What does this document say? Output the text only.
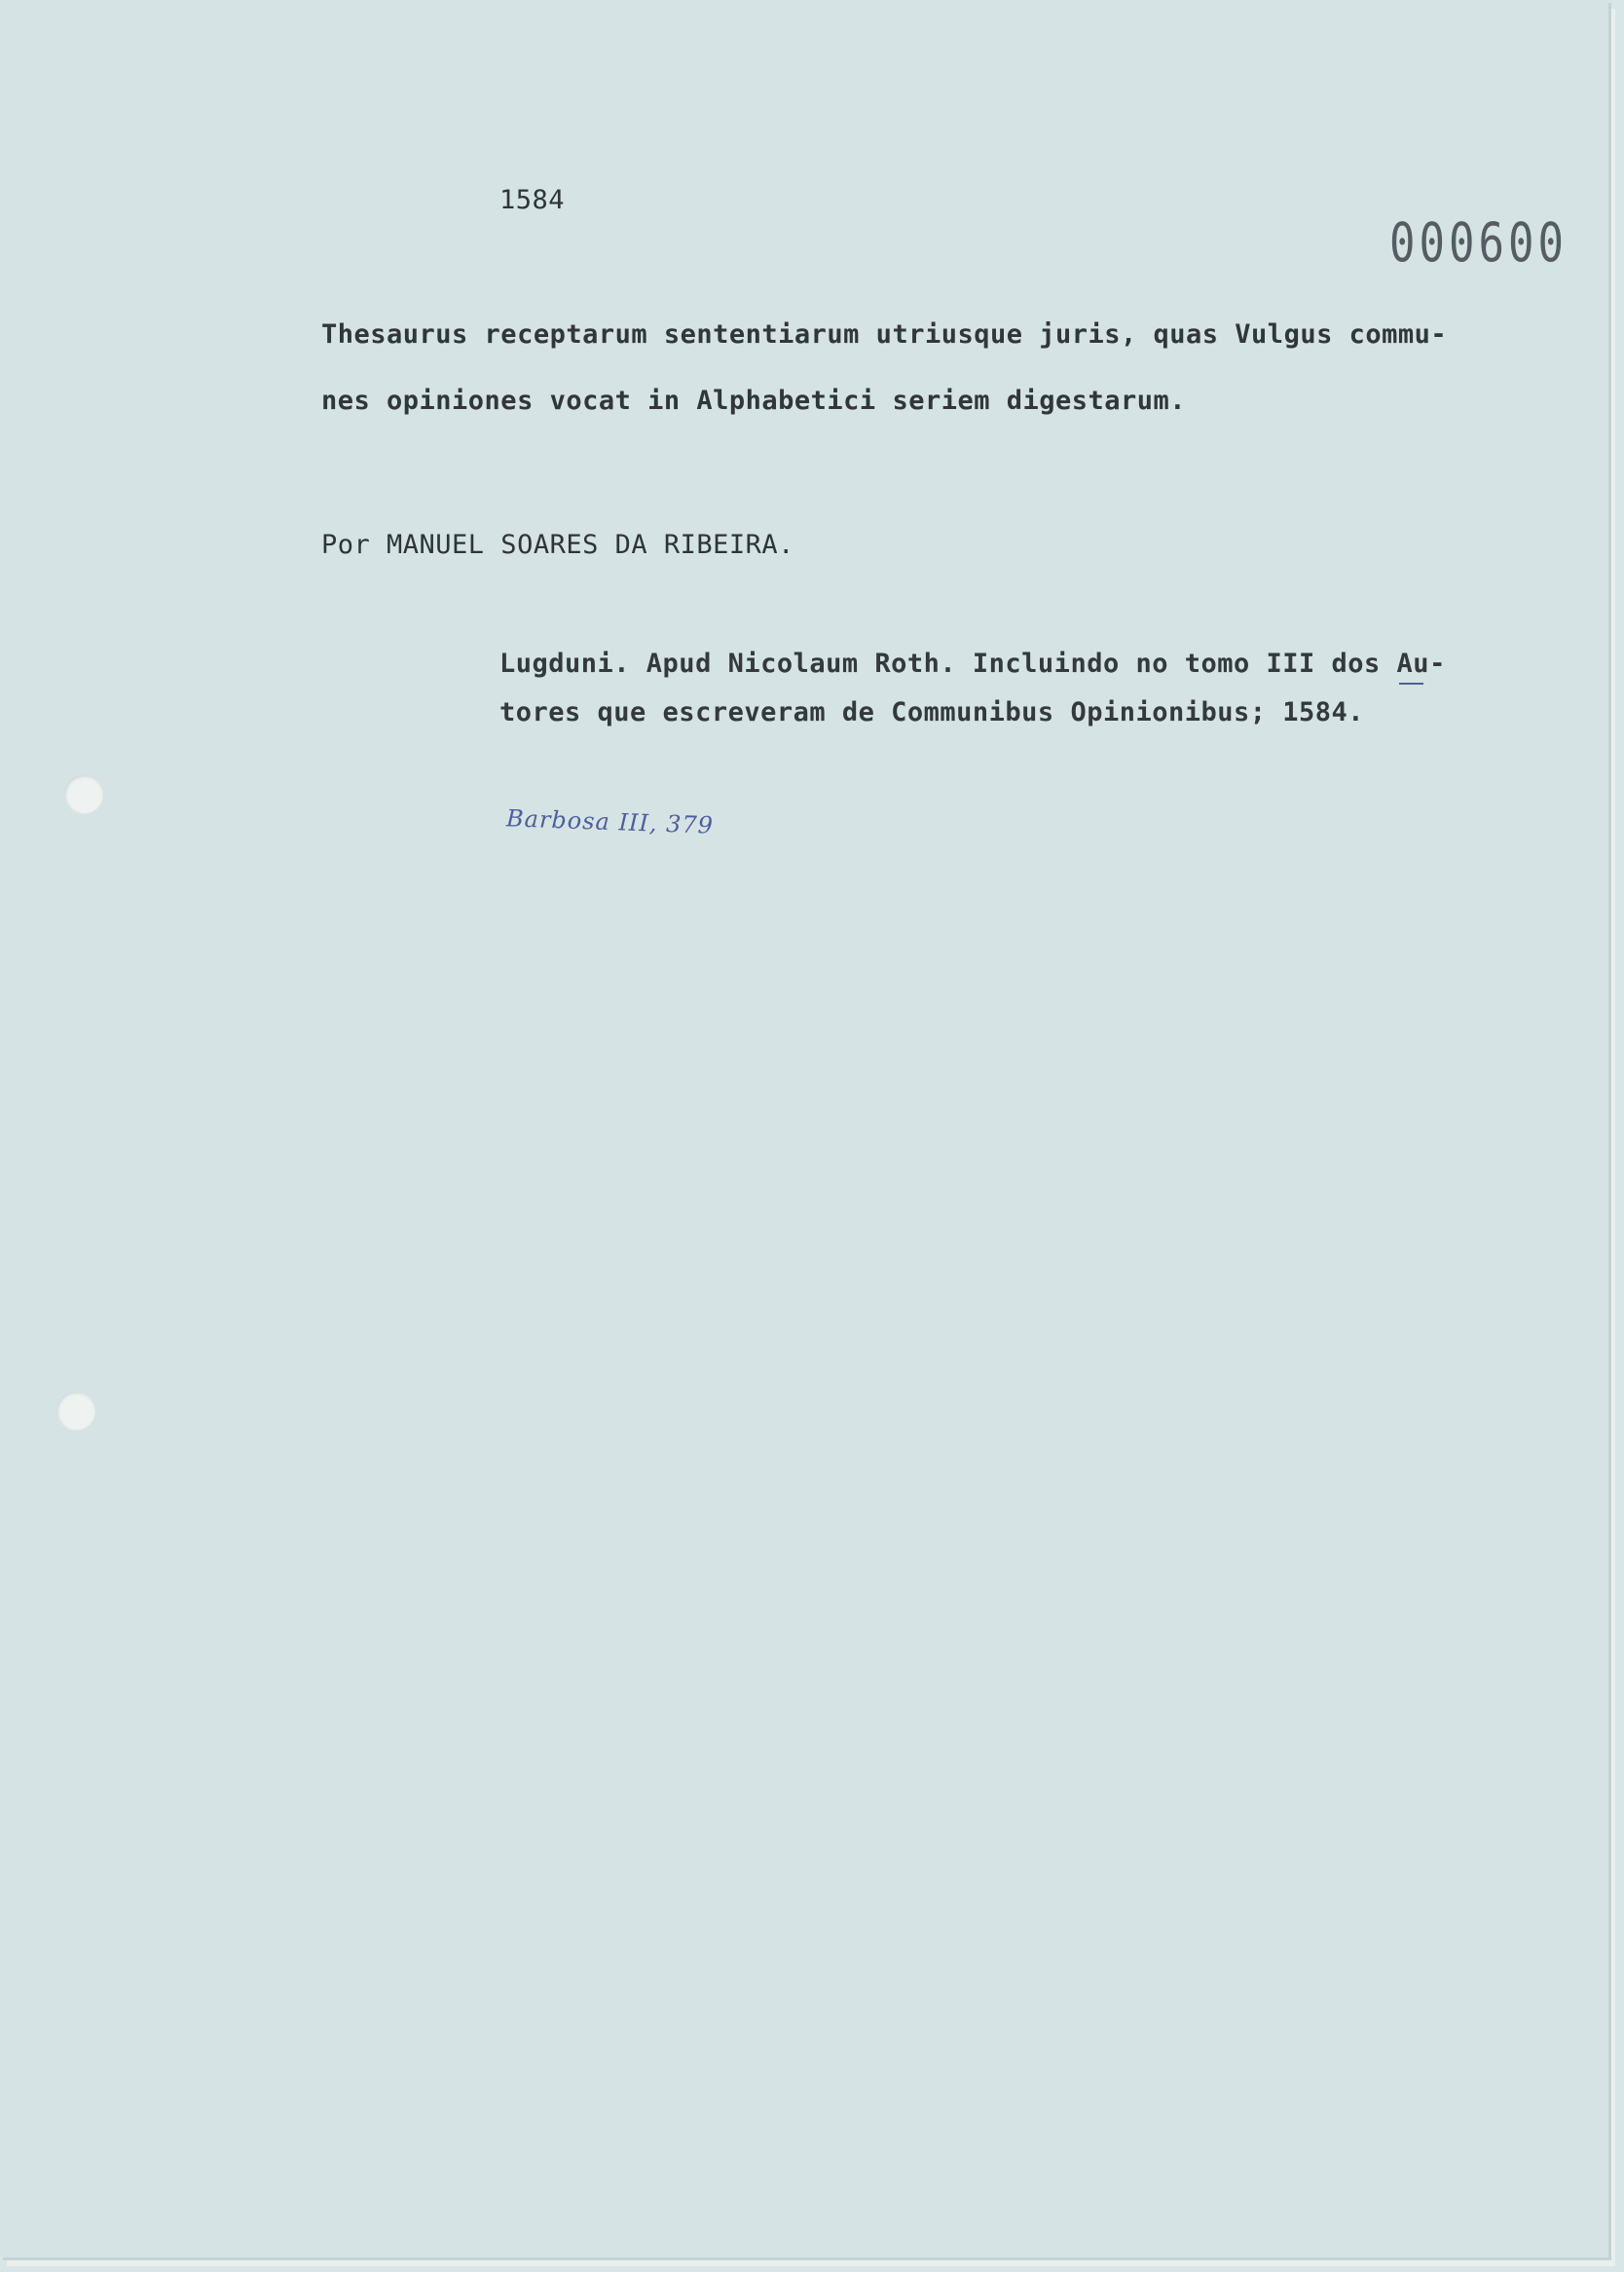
1584
000600
Thesaurus receptarum sententiarum utriusque juris, quas Vulgus commu-
nes opiniones vocat in Alphabetici seriem digestarum.
Por MANUEL SOARES DA RIBEIRA.
Lugduni. Apud Nicolaum Roth. Incluindo no tomo III dos Au-
tores que escreveram de Communibus Opinionibus; 1584.
Barbosa III, 379
